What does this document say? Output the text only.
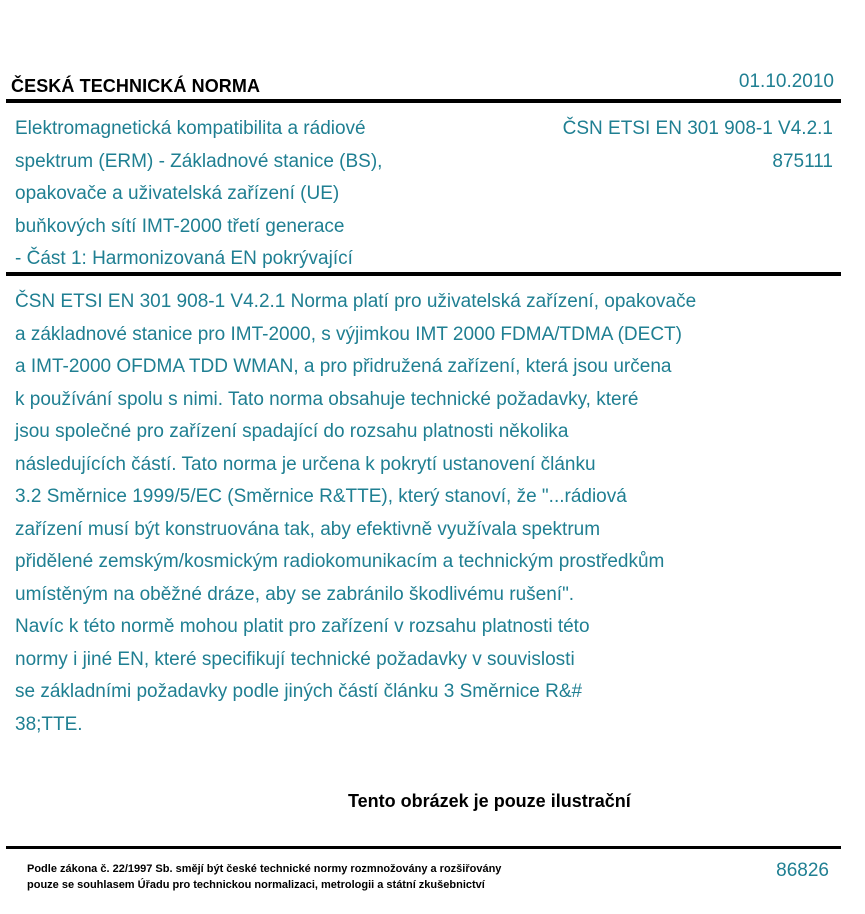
ČESKÁ TECHNICKÁ NORMA	01.10.2010
Elektromagnetická kompatibilita a rádiové
spektrum (ERM) - Základnové stanice (BS),
opakovače a uživatelská zařízení (UE)
buňkových sítí IMT-2000 třetí generace
- Část 1: Harmonizovaná EN pokrývající
ČSN ETSI EN 301 908-1 V4.2.1
875111
ČSN ETSI EN 301 908-1 V4.2.1 Norma platí pro uživatelská zařízení, opakovače
a základnové stanice pro IMT-2000, s výjimkou IMT 2000 FDMA/TDMA (DECT)
a IMT-2000 OFDMA TDD WMAN, a pro přidružená zařízení, která jsou určena
k používání spolu s nimi. Tato norma obsahuje technické požadavky, které
jsou společné pro zařízení spadající do rozsahu platnosti několika
následujících částí. Tato norma je určena k pokrytí ustanovení článku
3.2 Směrnice 1999/5/EC (Směrnice R&TTE), který stanoví, že "...rádiová
zařízení musí být konstruována tak, aby efektivně využívala spektrum
přidělené zemským/kosmickým radiokomunikacím a technickým prostředkům
umístěným na oběžné dráze, aby se zabránilo škodlivému rušení".
Navíc k této normě mohou platit pro zařízení v rozsahu platnosti této
normy i jiné EN, které specifikují technické požadavky v souvislosti
se základními požadavky podle jiných částí článku 3 Směrnice R&#
38;TTE.
Tento obrázek je pouze ilustrační
Podle zákona č. 22/1997 Sb. smějí být české technické normy rozmnožovány a rozšiřovány
pouze se souhlasem Úřadu pro technickou normalizaci, metrologii a státní zkušebnictví
86826
